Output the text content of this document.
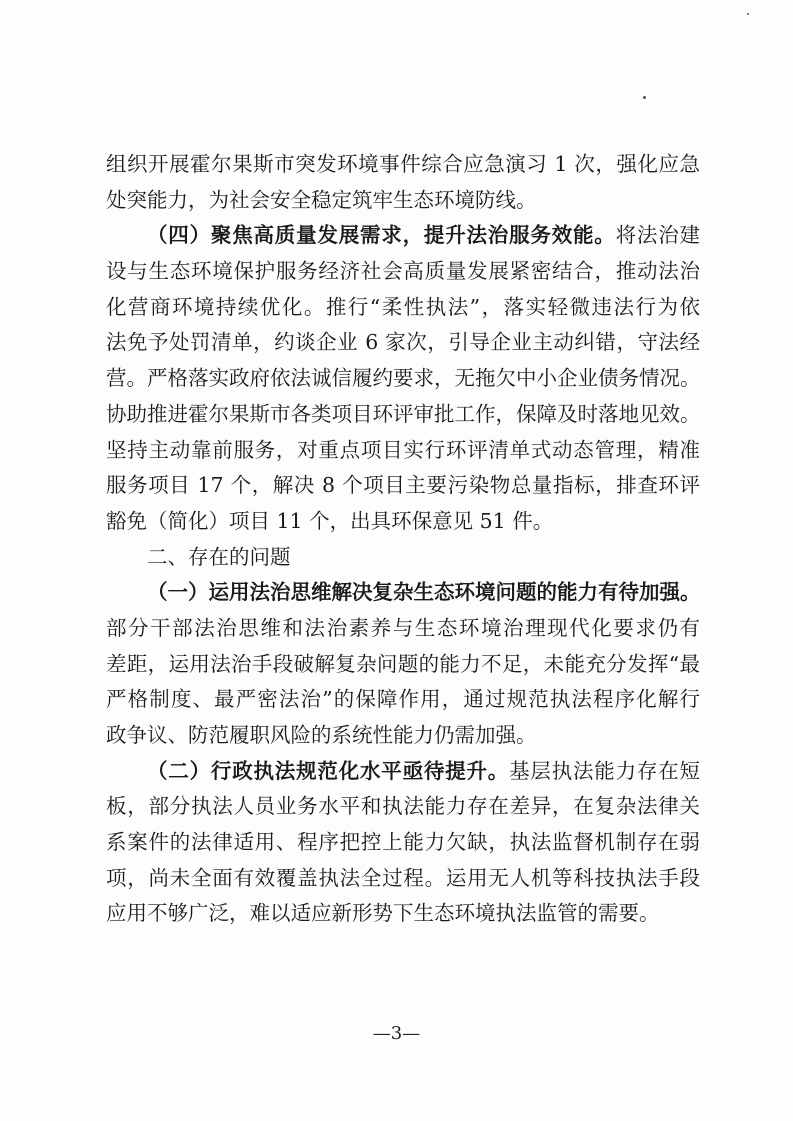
组织开展霍尔果斯市突发环境事件综合应急演习 1 次，强化应急
处突能力，为社会安全稳定筑牢生态环境防线。
（四）聚焦高质量发展需求，提升法治服务效能。将法治建
设与生态环境保护服务经济社会高质量发展紧密结合，推动法治
化营商环境持续优化。推行“柔性执法”，落实轻微违法行为依
法免予处罚清单，约谈企业 6 家次，引导企业主动纠错，守法经
营。严格落实政府依法诚信履约要求，无拖欠中小企业债务情况。
协助推进霍尔果斯市各类项目环评审批工作，保障及时落地见效。
坚持主动靠前服务，对重点项目实行环评清单式动态管理，精准
服务项目 17 个，解决 8 个项目主要污染物总量指标，排查环评
豁免（简化）项目 11 个，出具环保意见 51 件。
二、存在的问题
（一）运用法治思维解决复杂生态环境问题的能力有待加强。
部分干部法治思维和法治素养与生态环境治理现代化要求仍有
差距，运用法治手段破解复杂问题的能力不足，未能充分发挥“最
严格制度、最严密法治”的保障作用，通过规范执法程序化解行
政争议、防范履职风险的系统性能力仍需加强。
（二）行政执法规范化水平亟待提升。基层执法能力存在短
板，部分执法人员业务水平和执法能力存在差异，在复杂法律关
系案件的法律适用、程序把控上能力欠缺，执法监督机制存在弱
项，尚未全面有效覆盖执法全过程。运用无人机等科技执法手段
应用不够广泛，难以适应新形势下生态环境执法监管的需要。
—3—
